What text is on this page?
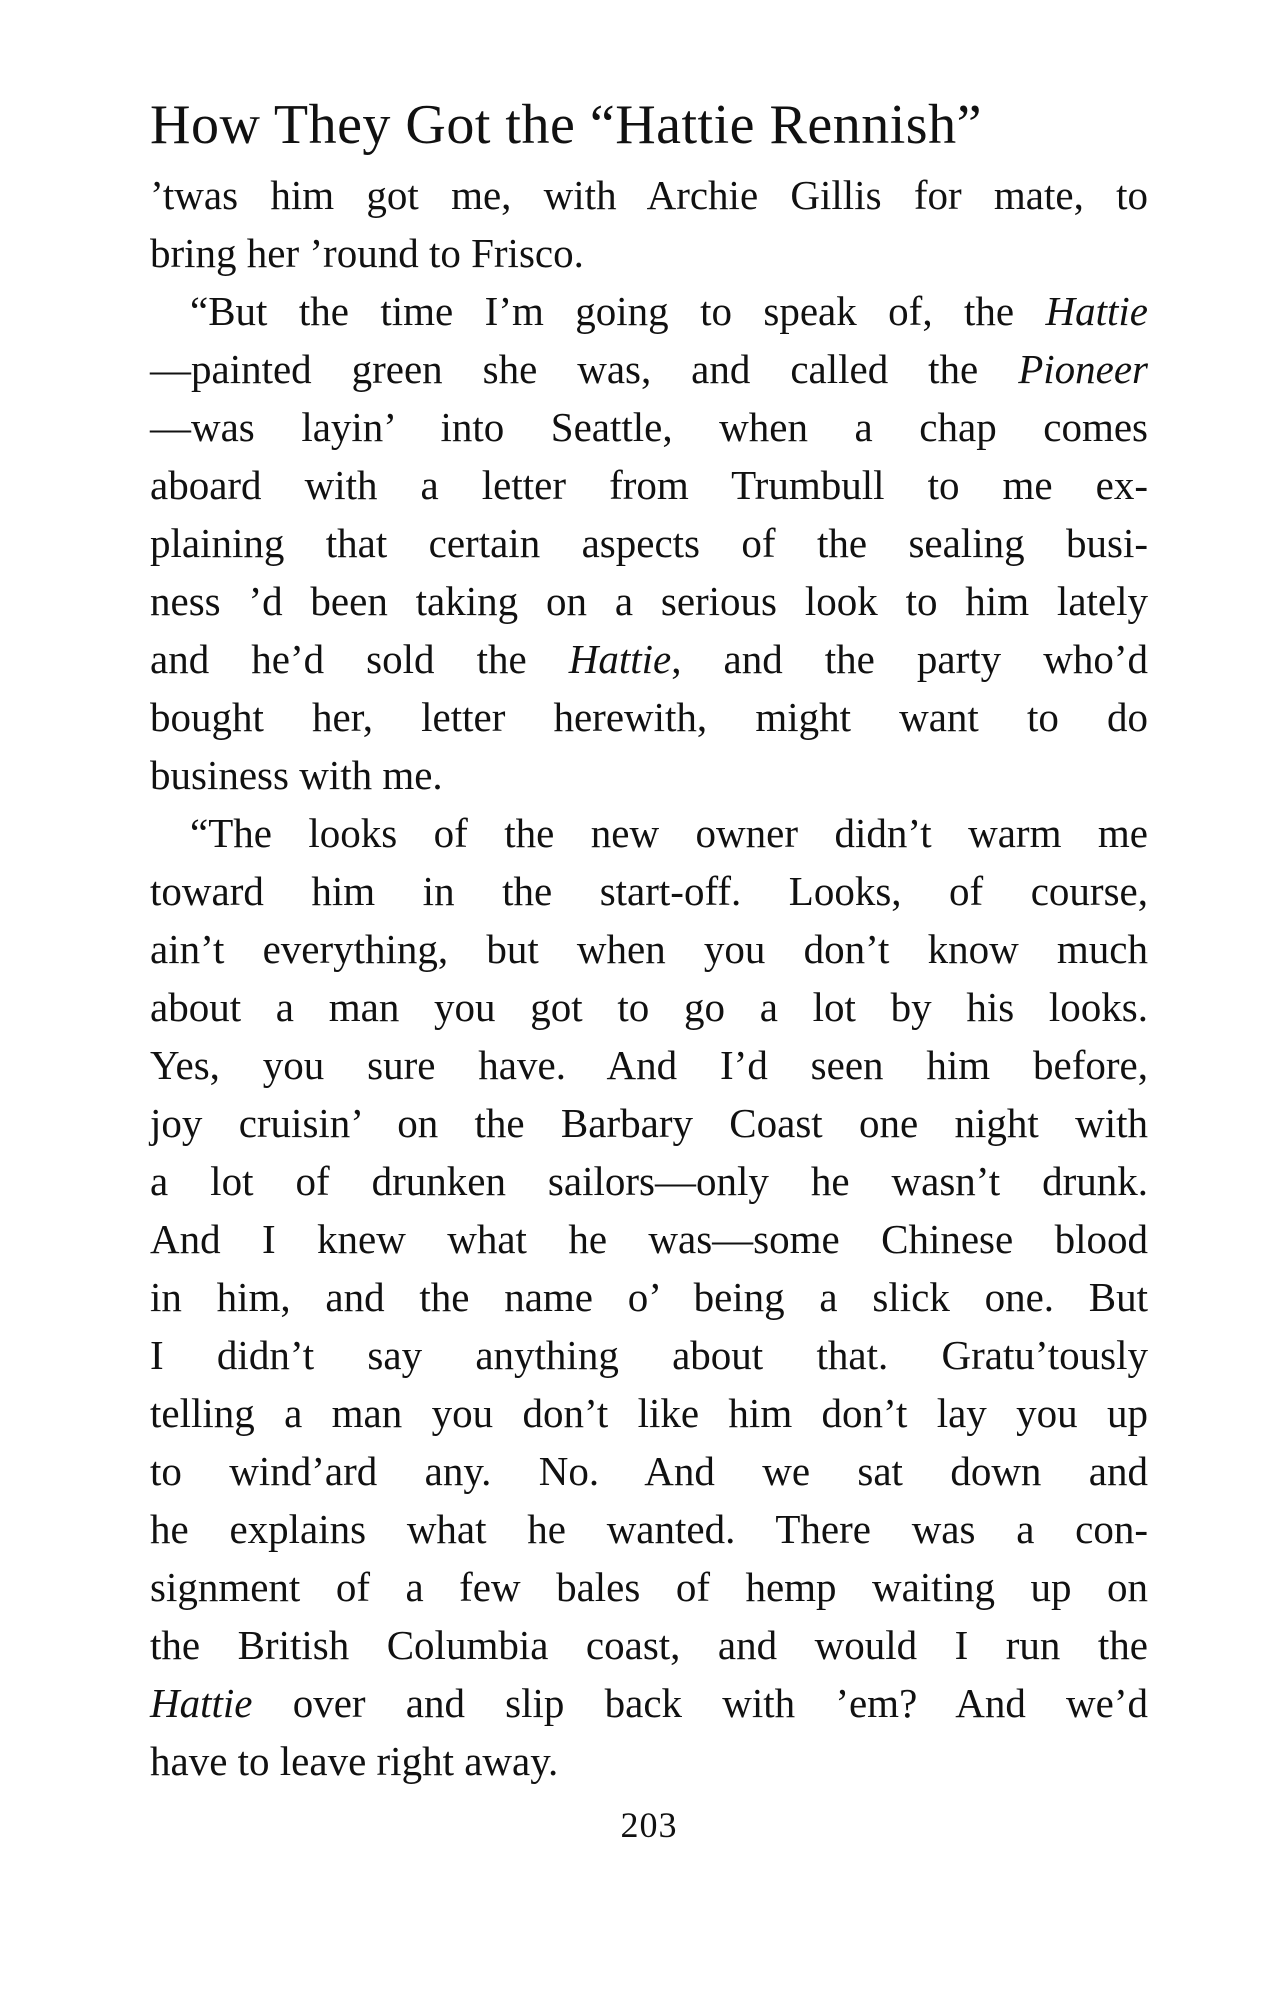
How They Got the “Hattie Rennish”
’twas him got me, with Archie Gillis for mate, to
bring her ’round to Frisco.
“But the time I’m going to speak of, the Hattie
—painted green she was, and called the Pioneer
—was layin’ into Seattle, when a chap comes
aboard with a letter from Trumbull to me ex-
plaining that certain aspects of the sealing busi-
ness ’d been taking on a serious look to him lately
and he’d sold the Hattie, and the party who’d
bought her, letter herewith, might want to do
business with me.
“The looks of the new owner didn’t warm me
toward him in the start-off. Looks, of course,
ain’t everything, but when you don’t know much
about a man you got to go a lot by his looks.
Yes, you sure have. And I’d seen him before,
joy cruisin’ on the Barbary Coast one night with
a lot of drunken sailors—only he wasn’t drunk.
And I knew what he was—some Chinese blood
in him, and the name o’ being a slick one. But
I didn’t say anything about that. Gratu’tously
telling a man you don’t like him don’t lay you up
to wind’ard any. No. And we sat down and
he explains what he wanted. There was a con-
signment of a few bales of hemp waiting up on
the British Columbia coast, and would I run the
Hattie over and slip back with ’em? And we’d
have to leave right away.
203
